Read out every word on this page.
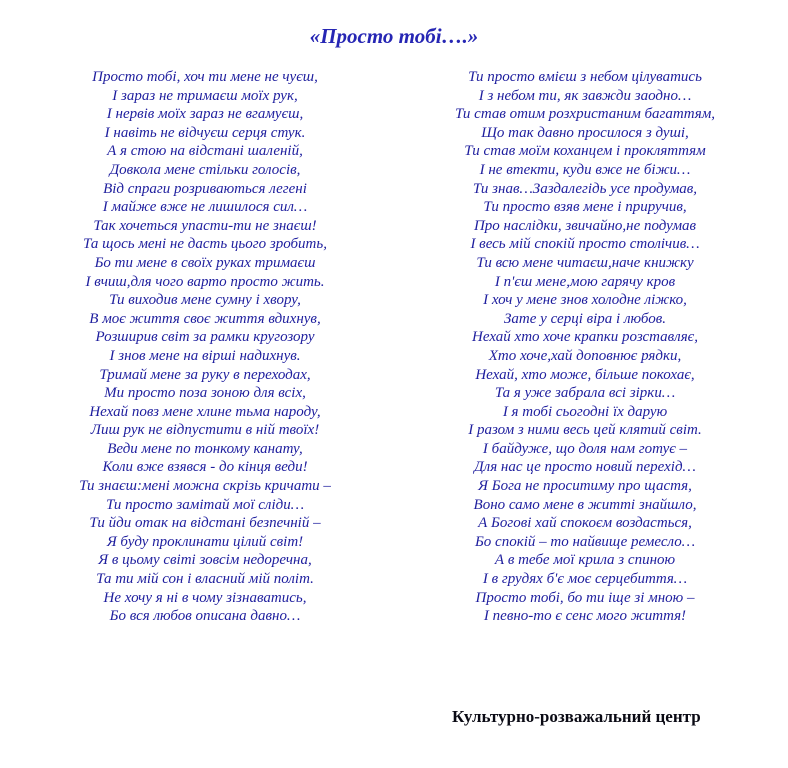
«Просто тобі….»
Просто тобі, хоч ти мене не чуєш,
І зараз не тримаєш моїх рук,
І нервів моїх зараз не вгамуєш,
І навіть не відчуєш серця стук.
А я стою на відстані шаленій,
Довкола мене стільки голосів,
Від спраги розриваються легені
І майже вже не лишилося сил…
Так хочеться упасти-ти не знаєш!
Та щось мені не дасть цього зробить,
Бо ти мене в своїх руках тримаєш
І вчиш,для чого варто просто жить.
Ти виходив мене сумну і хвору,
В моє життя своє життя вдихнув,
Розширив світ за рамки кругозору
І знов мене на віршi надихнув.
Тримай мене за руку в переходах,
Ми просто поза зоною для всіх,
Нехай повз мене хлине тьма народу,
Лиш рук не відпустити в ній твоїх!
Веди мене по тонкому канату,
Коли вже взявся - до кінця веди!
Ти знаєш:мені можна скрізь кричати –
Ти просто замітай мої сліди…
Ти йди отак на відстані безпечній –
Я буду проклинати цілий світ!
Я в цьому світі зовсім недоречна,
Та ти мій сон і власний мій політ.
Не хочу я ні в чому зізнаватись,
Бо вся любов описана давно…
Ти просто вмієш з небом цілуватись
І з небом ти, як завжди заодно…
Ти став отим розхристаним багаттям,
Що так давно просилося з душі,
Ти став моїм коханцем і прокляттям
І не втекти, куди вже не біжи…
Ти знав…Заздалегідь усе продумав,
Ти просто взяв мене і приручив,
Про наслідки, звичайно,не подумав
І весь мій спокій просто столічив…
Ти всю мене читаєш,наче книжку
І п'єш мене,мою гарячу кров
І хоч у мене знов холодне ліжко,
Зате у серці віра і любов.
Нехай хто хоче крапки розставляє,
Хто хоче,хай доповнює рядки,
Нехай, хто може, більше покохає,
Та я уже забрала всі зірки…
І я тобі сьогодні їх дарую
І разом з ними весь цей клятий світ.
І байдуже, що доля нам готує –
Для нас це просто новий перехід…
Я Бога не проситиму про щастя,
Воно само мене в житті знайшло,
А Богові хай спокоєм воздасться,
Бо спокій – то найвище ремесло…
А в тебе мої крила з спиною
І в грудях б'є моє серцебиття…
Просто тобі, бо ти іще зі мною –
І певно-то є сенс мого життя!
Культурно-розважальний центр
